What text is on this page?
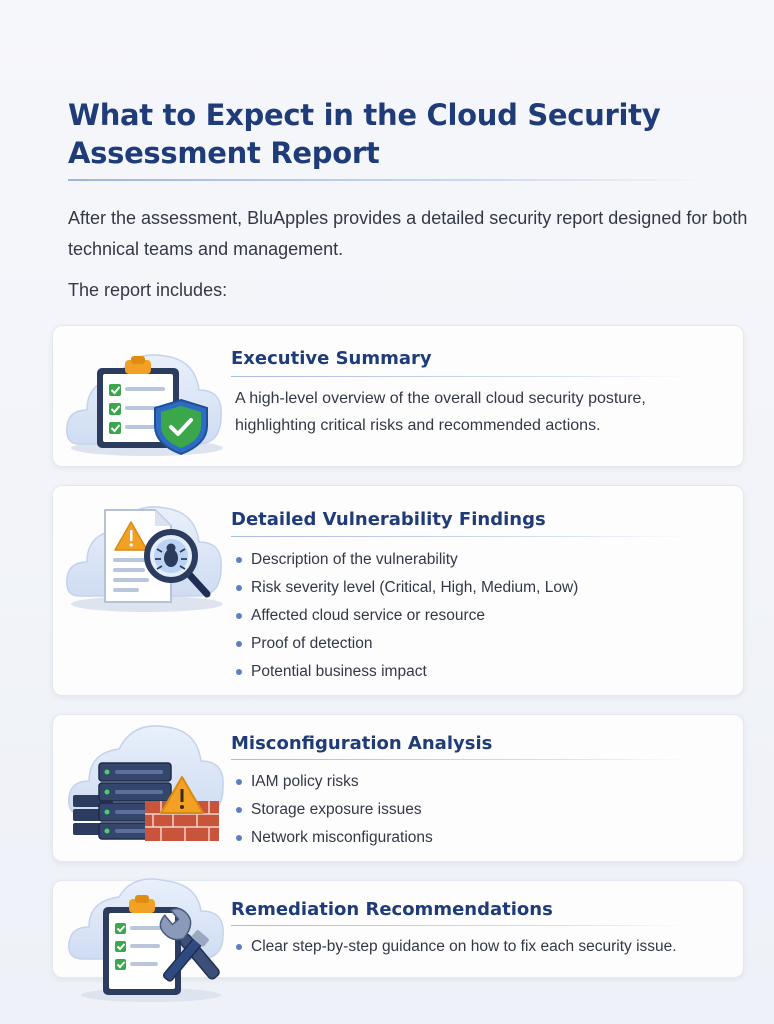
What to Expect in the Cloud Security
Assessment Report

After the assessment, BluApples provides a detailed security report designed for both technical teams and management.

The report includes:

Executive Summary

A high-level overview of the overall cloud security posture, highlighting critical risks and recommended actions.

Detailed Vulnerability Findings
Description of the vulnerability
Risk severity level (Critical, High, Medium, Low)
Affected cloud service or resource
Proof of detection
Potential business impact
Misconfiguration Analysis
IAM policy risks
Storage exposure issues
Network misconfigurations
Remediation Recommendations
Clear step-by-step guidance on how to fix each security issue.
